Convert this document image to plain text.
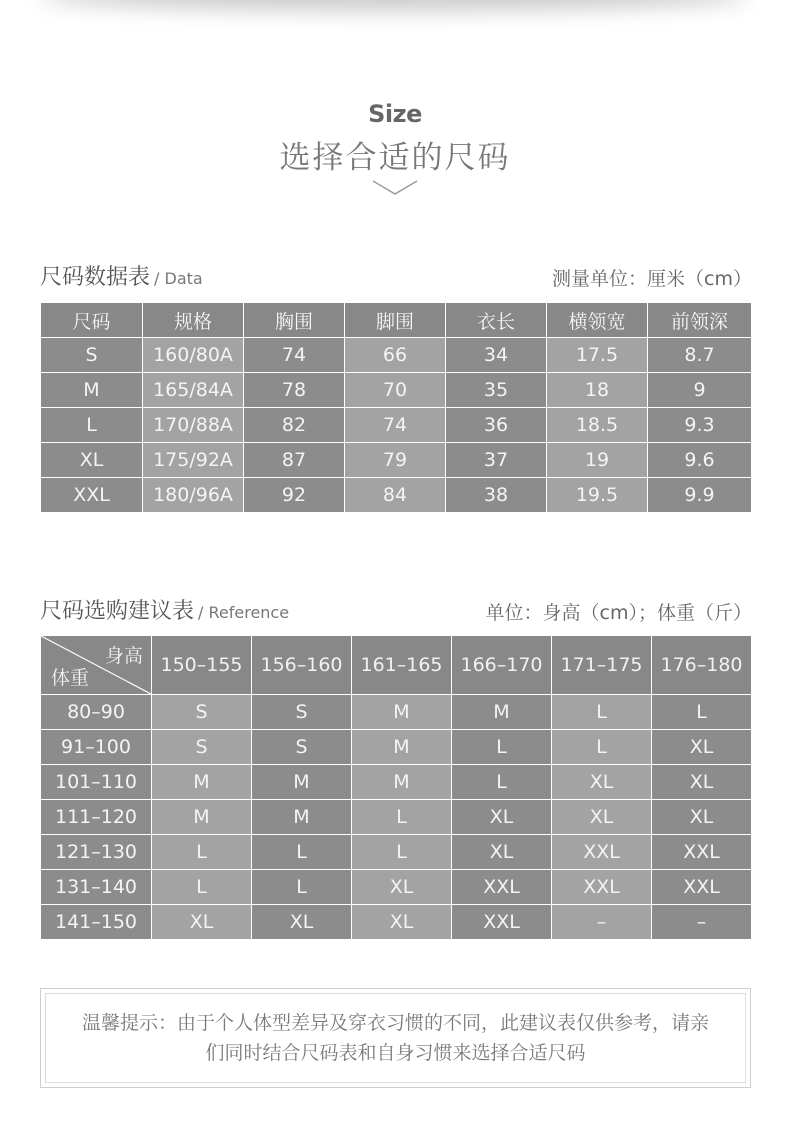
Size
选择合适的尺码
尺码数据表 / Data	测量单位：厘米（cm）
尺码	规格	胸围	脚围	衣长	横领宽	前领深
S	160/80A	74	66	34	17.5	8.7
M	165/84A	78	70	35	18	9
L	170/88A	82	74	36	18.5	9.3
XL	175/92A	87	79	37	19	9.6
XXL	180/96A	92	84	38	19.5	9.9
尺码选购建议表 / Reference	单位：身高（cm）；体重（斤）
身高
体重	150–155	156–160	161–165	166–170	171–175	176–180
80–90	S	S	M	M	L	L
91–100	S	S	M	L	L	XL
101–110	M	M	M	L	XL	XL
111–120	M	M	L	XL	XL	XL
121–130	L	L	L	XL	XXL	XXL
131–140	L	L	XL	XXL	XXL	XXL
141–150	XL	XL	XL	XXL	–	–
温馨提示：由于个人体型差异及穿衣习惯的不同，此建议表仅供参考，请亲们同时结合尺码表和自身习惯来选择合适尺码
